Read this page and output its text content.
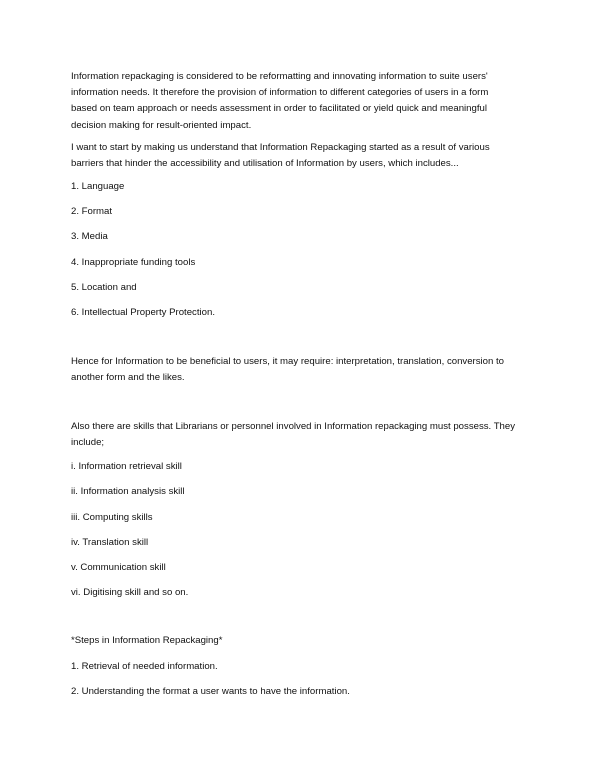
Information repackaging is considered to be reformatting and innovating information to suite users'
information needs. It therefore the provision of information to different categories of users in a form
based on team approach or needs assessment in order to facilitated or yield quick and meaningful
decision making for result-oriented impact.
I want to start by making us understand that Information Repackaging started as a result of various
barriers that hinder the accessibility and utilisation of Information by users, which includes...
1. Language
2. Format
3. Media
4. Inappropriate funding tools
5. Location and
6. Intellectual Property Protection.
Hence for Information to be beneficial to users, it may require: interpretation, translation, conversion to
another form and the likes.
Also there are skills that Librarians or personnel involved in Information repackaging must possess. They
include;
i. Information retrieval skill
ii. Information analysis skill
iii. Computing skills
iv. Translation skill
v. Communication skill
vi. Digitising skill and so on.
*Steps in Information Repackaging*
1. Retrieval of needed information.
2. Understanding the format a user wants to have the information.
